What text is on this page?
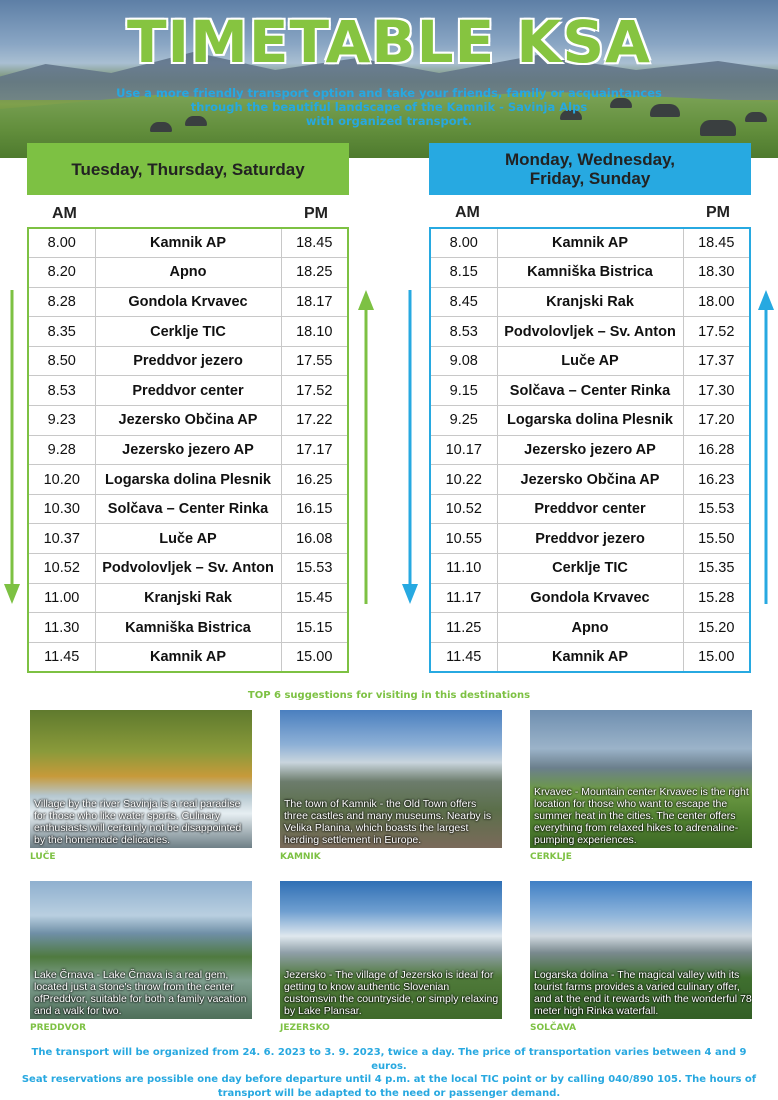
TIMETABLE KSA
Use a more friendly transport option and take your friends, family or acquaintances
through the beautiful landscape of the Kamnik - Savinja Alps
with organized transport.
Tuesday, Thursday, Saturday	Monday, Wednesday,
Friday, Sunday
AM	PM	AM	PM
8.00	Kamnik AP	18.45
8.20	Apno	18.25
8.28	Gondola Krvavec	18.17
8.35	Cerklje TIC	18.10
8.50	Preddvor jezero	17.55
8.53	Preddvor center	17.52
9.23	Jezersko Občina AP	17.22
9.28	Jezersko jezero AP	17.17
10.20	Logarska dolina Plesnik	16.25
10.30	Solčava – Center Rinka	16.15
10.37	Luče AP	16.08
10.52	Podvolovljek – Sv. Anton	15.53
11.00	Kranjski Rak	15.45
11.30	Kamniška Bistrica	15.15
11.45	Kamnik AP	15.00
8.00	Kamnik AP	18.45
8.15	Kamniška Bistrica	18.30
8.45	Kranjski Rak	18.00
8.53	Podvolovljek – Sv. Anton	17.52
9.08	Luče AP	17.37
9.15	Solčava – Center Rinka	17.30
9.25	Logarska dolina Plesnik	17.20
10.17	Jezersko jezero AP	16.28
10.22	Jezersko Občina AP	16.23
10.52	Preddvor center	15.53
10.55	Preddvor jezero	15.50
11.10	Cerklje TIC	15.35
11.17	Gondola Krvavec	15.28
11.25	Apno	15.20
11.45	Kamnik AP	15.00
TOP 6 suggestions for visiting in this destinations
Village by the river Savinja is a real paradise for those who like water sports. Culinary enthusiasts will certainly not be disappointed by the homemade delicacies.
LUČE
The town of Kamnik - the Old Town offers three castles and many museums. Nearby is Velika Planina, which boasts the largest herding settlement in Europe.
KAMNIK
Krvavec - Mountain center Krvavec is the right location for those who want to escape the summer heat in the cities. The center offers everything from relaxed hikes to adrenaline-pumping experiences.
CERKLJE
Lake Črnava - Lake Črnava is a real gem, located just a stone's throw from the center ofPreddvor, suitable for both a family vacation and a walk for two.
PREDDVOR
Jezersko - The village of Jezersko is ideal for getting to know authentic Slovenian customsvin the countryside, or simply relaxing by Lake Plansar.
JEZERSKO
Logarska dolina - The magical valley with its tourist farms provides a varied culinary offer, and at the end it rewards with the wonderful 78 meter high Rinka waterfall.
SOLČAVA
The transport will be organized from 24. 6. 2023 to 3. 9. 2023, twice a day. The price of transportation varies between 4 and 9 euros.
Seat reservations are possible one day before departure until 4 p.m. at the local TIC point or by calling 040/890 105. The hours of
transport will be adapted to the need or passenger demand.
